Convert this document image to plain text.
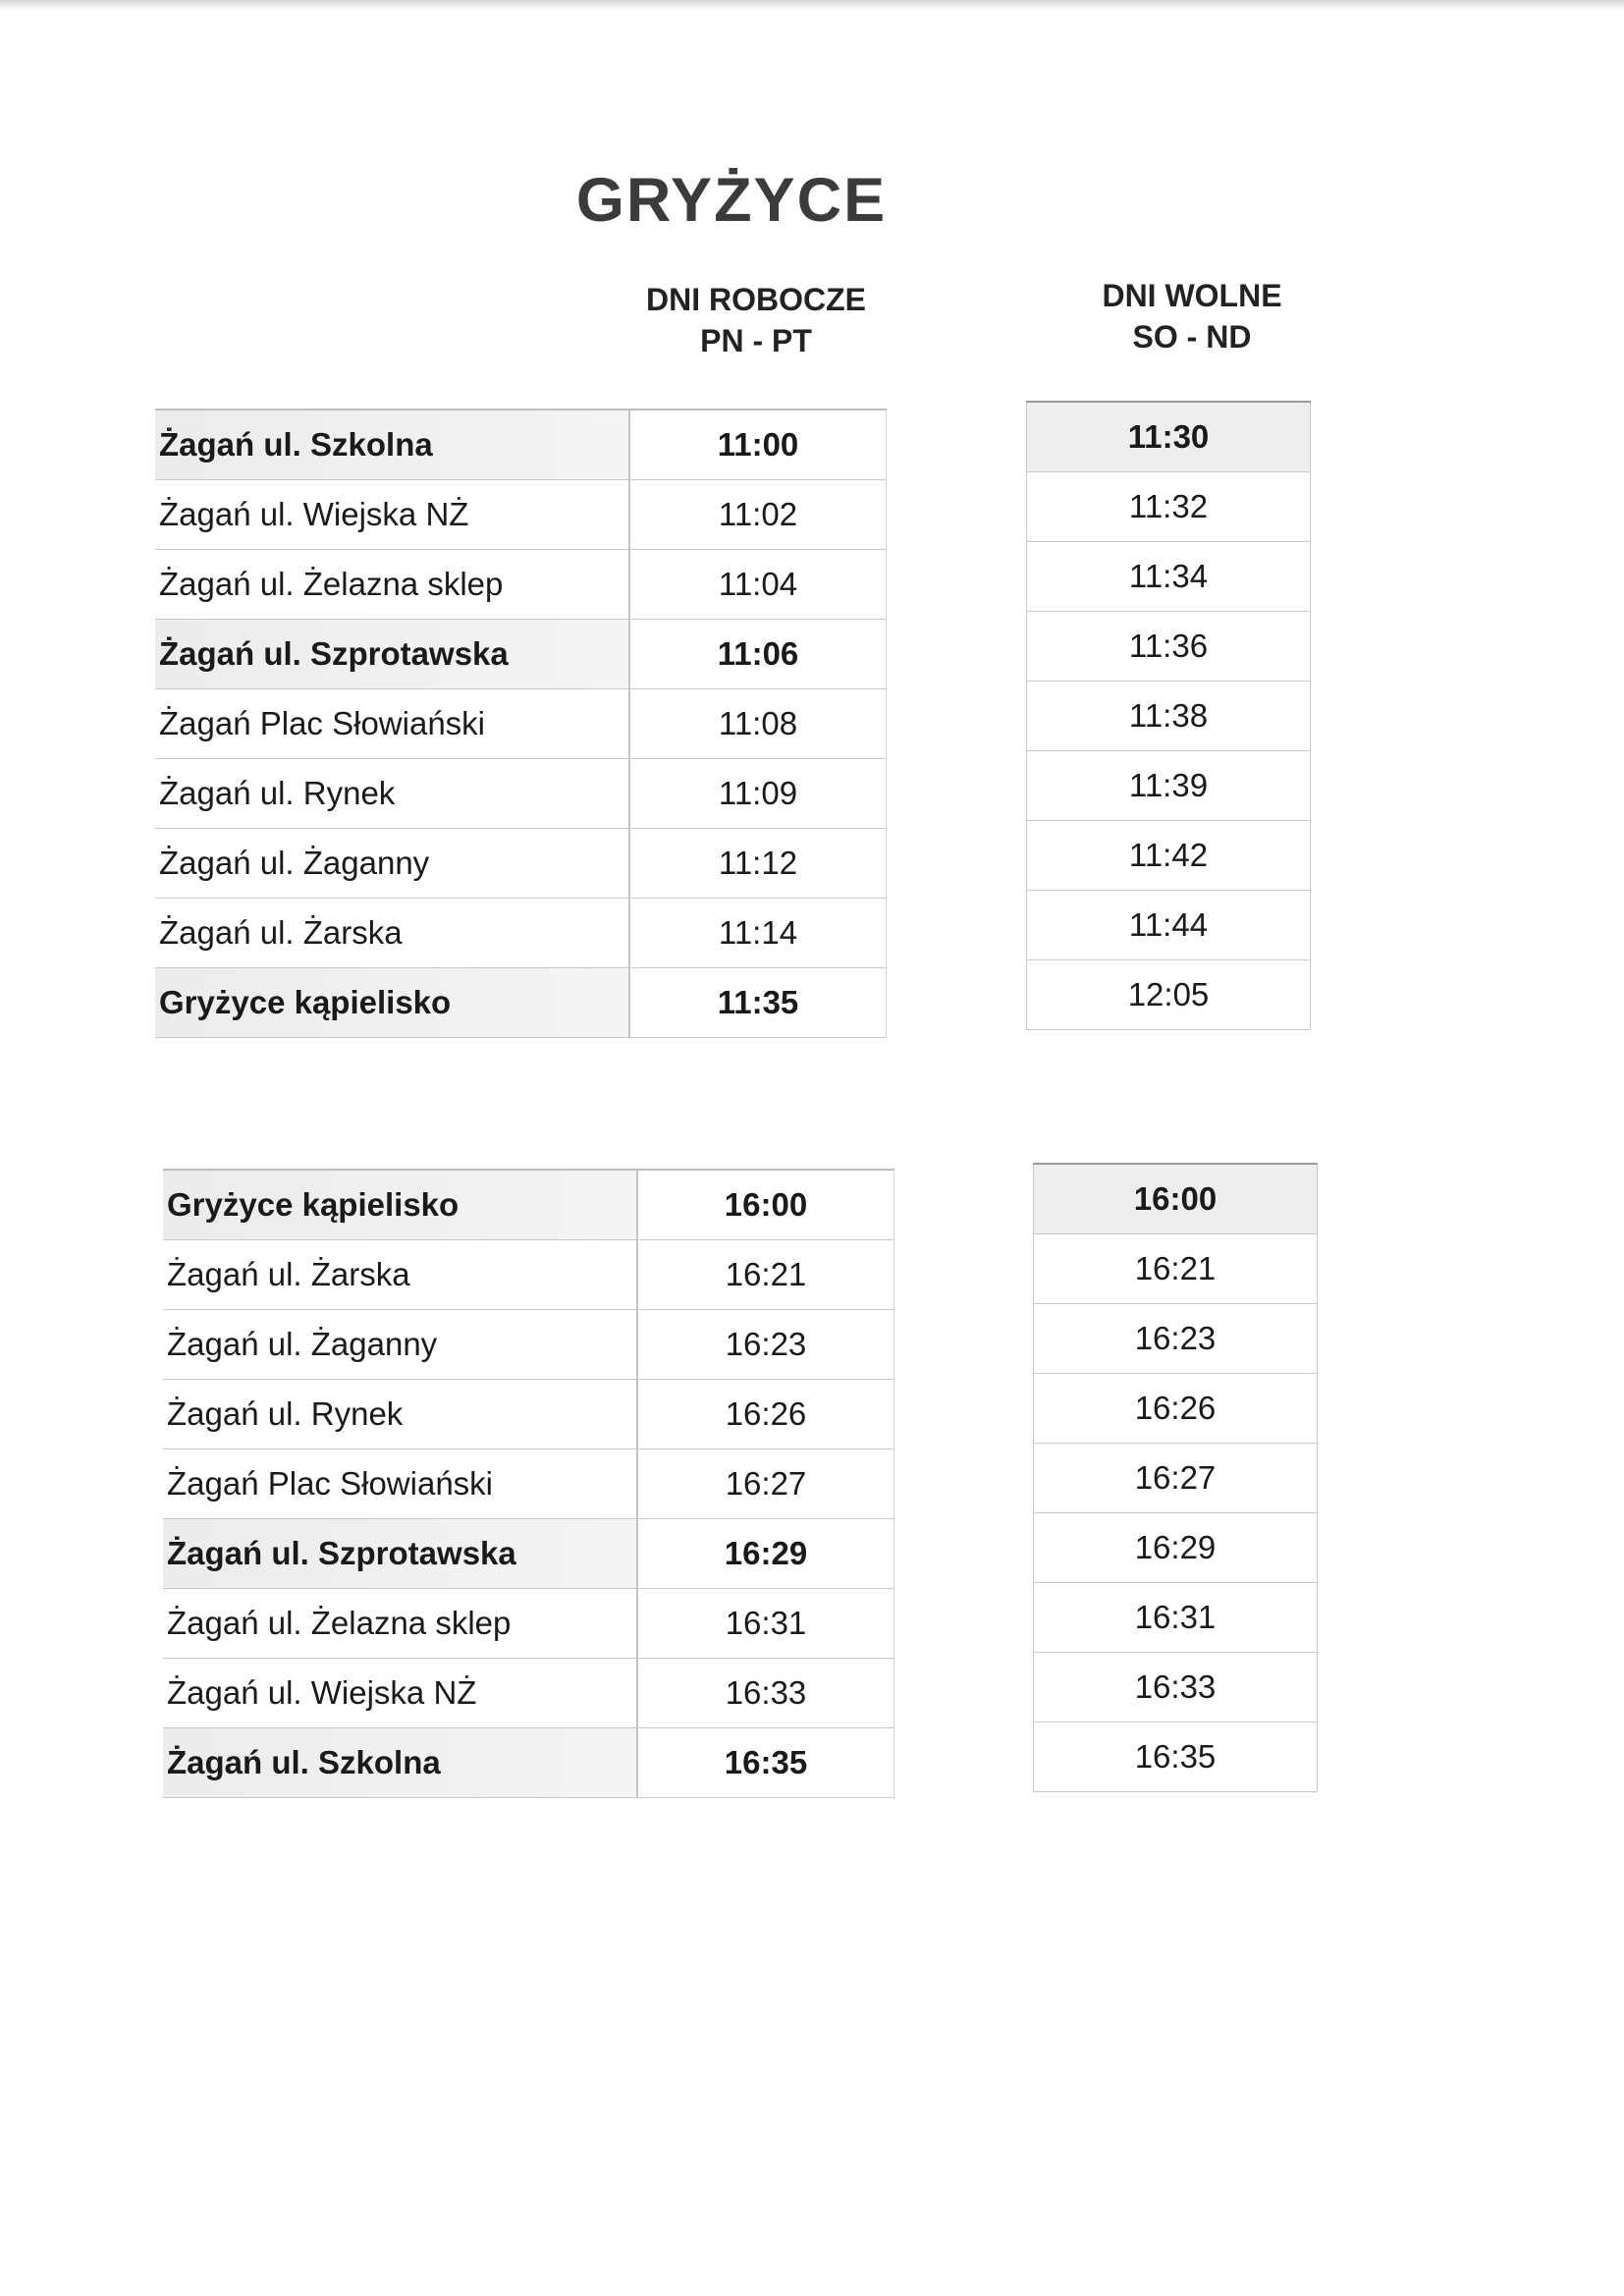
GRYŻYCE
DNI ROBOCZE
PN - PT
DNI WOLNE
SO - ND
Żagań ul. Szkolna	11:00
Żagań ul. Wiejska NŻ	11:02
Żagań ul. Żelazna sklep	11:04
Żagań ul. Szprotawska	11:06
Żagań Plac Słowiański	11:08
Żagań ul. Rynek	11:09
Żagań ul. Żaganny	11:12
Żagań ul. Żarska	11:14
Gryżyce kąpielisko	11:35
11:30
11:32
11:34
11:36
11:38
11:39
11:42
11:44
12:05
Gryżyce kąpielisko	16:00
Żagań ul. Żarska	16:21
Żagań ul. Żaganny	16:23
Żagań ul. Rynek	16:26
Żagań Plac Słowiański	16:27
Żagań ul. Szprotawska	16:29
Żagań ul. Żelazna sklep	16:31
Żagań ul. Wiejska NŻ	16:33
Żagań ul. Szkolna	16:35
16:00
16:21
16:23
16:26
16:27
16:29
16:31
16:33
16:35
